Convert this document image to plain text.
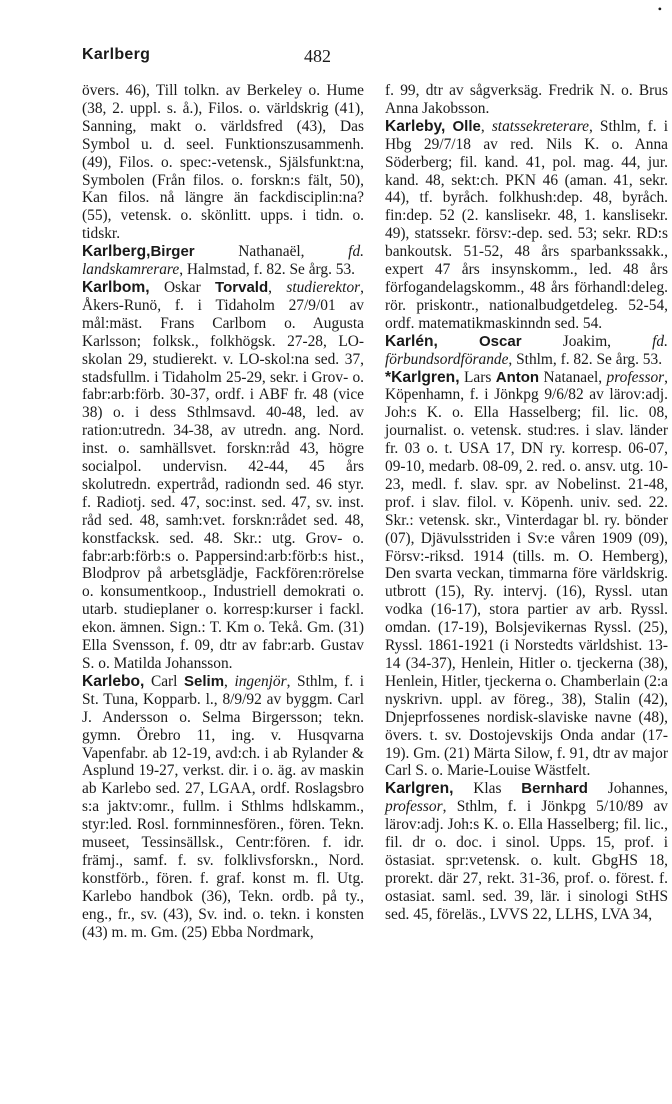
•
Karlberg	482

övers. 46), Till tolkn. av Berkeley o. Hume (38, 2. uppl. s. å.), Filos. o. världskrig (41), Sanning, makt o. världsfred (43), Das Symbol u. d. seel. Funktionszusammenh. (49), Filos. o. spec:-vetensk., Själsfunkt:na, Symbolen (Från filos. o. forskn:s fält, 50), Kan filos. nå längre än fackdisciplin:na? (55), vetensk. o. skönlitt. upps. i tidn. o. tidskr.

Karlberg,Birger Nathanaël, fd. landskamrerare, Halmstad, f. 82. Se årg. 53.

Karlbom, Oskar Torvald, studierektor, Åkers-Runö, f. i Tidaholm 27/9/01 av mål:mäst. Frans Carlbom o. Augusta Karlsson; folksk., folkhögsk. 27-28, LO-skolan 29, studierekt. v. LO-skol:na sed. 37, stadsfullm. i Tidaholm 25-29, sekr. i Grov- o. fabr:arb:förb. 30-37, ordf. i ABF fr. 48 (vice 38) o. i dess Sthlmsavd. 40-48, led. av ration:utredn. 34-38, av utredn. ang. Nord. inst. o. samhällsvet. forskn:råd 43, högre socialpol. undervisn. 42-44, 45 års skolutredn. expertråd, radiondn sed. 46 styr. f. Radiotj. sed. 47, soc:inst. sed. 47, sv. inst. råd sed. 48, samh:vet. forskn:rådet sed. 48, konstfacksk. sed. 48. Skr.: utg. Grov- o. fabr:arb:förb:s o. Pappersind:arb:förb:s hist., Blodprov på arbetsglädje, Fackfören:rörelse o. konsumentkoop., Industriell demokrati o. utarb. studieplaner o. korresp:kurser i fackl. ekon. ämnen. Sign.: T. Km o. Tekå. Gm. (31) Ella Svensson, f. 09, dtr av fabr:arb. Gustav S. o. Matilda Johansson.

Karlebo, Carl Selim, ingenjör, Sthlm, f. i St. Tuna, Kopparb. l., 8/9/92 av byggm. Carl J. Andersson o. Selma Birgersson; tekn. gymn. Örebro 11, ing. v. Husqvarna Vapenfabr. ab 12-19, avd:ch. i ab Rylander & Asplund 19-27, verkst. dir. i o. äg. av maskin ab Karlebo sed. 27, LGAA, ordf. Roslagsbro s:a jaktv:omr., fullm. i Sthlms hdlskamm., styr:led. Rosl. fornminnesfören., fören. Tekn. museet, Tessinsällsk., Centr:fören. f. idr. främj., samf. f. sv. folklivsforskn., Nord. konstförb., fören. f. graf. konst m. fl. Utg. Karlebo handbok (36), Tekn. ordb. på ty., eng., fr., sv. (43), Sv. ind. o. tekn. i konsten (43) m. m. Gm. (25) Ebba Nordmark,

f. 99, dtr av sågverksäg. Fredrik N. o. Brus Anna Jakobsson.

Karleby, Olle, statssekreterare, Sthlm, f. i Hbg 29/7/18 av red. Nils K. o. Anna Söderberg; fil. kand. 41, pol. mag. 44, jur. kand. 48, sekt:ch. PKN 46 (aman. 41, sekr. 44), tf. byråch. folkhush:dep. 48, byråch. fin:dep. 52 (2. kanslisekr. 48, 1. kanslisekr. 49), statssekr. försv:-dep. sed. 53; sekr. RD:s bankoutsk. 51-52, 48 års sparbankssakk., expert 47 års insynskomm., led. 48 års förfogandelagskomm., 48 års förhandl:deleg. rör. priskontr., nationalbudgetdeleg. 52-54, ordf. matematikmaskinndn sed. 54.

Karlén,	Oscar Joakim, fd. förbundsordförande, Sthlm, f. 82. Se årg. 53.

*Karlgren, Lars Anton Natanael, professor, Köpenhamn, f. i Jönkpg 9/6/82 av lärov:adj. Joh:s K. o. Ella Hasselberg; fil. lic. 08, journalist. o. vetensk. stud:res. i slav. länder fr. 03 o. t. USA 17, DN ry. korresp. 06-07, 09-10, medarb. 08-09, 2. red. o. ansv. utg. 10-23, medl. f. slav. spr. av Nobelinst. 21-48, prof. i slav. filol. v. Köpenh. univ. sed. 22. Skr.: vetensk. skr., Vinterdagar bl. ry. bönder (07), Djävulsstriden i Sv:e våren 1909 (09), Försv:-riksd. 1914 (tills. m. O. Hemberg), Den svarta veckan, timmarna före världskrig. utbrott (15), Ry. intervj. (16), Ryssl. utan vodka (16-17), stora partier av arb. Ryssl. omdan. (17-19), Bolsjevikernas Ryssl. (25), Ryssl. 1861-1921 (i Norstedts världshist. 13-14 (34-37), Henlein, Hitler o. tjeckerna (38), Henlein, Hitler, tjeckerna o. Chamberlain (2:a nyskrivn. uppl. av föreg., 38), Stalin (42), Dnjeprfossenes nordisk-slaviske navne (48), övers. t. sv. Dostojevskijs Onda andar (17-19). Gm. (21) Märta Silow, f. 91, dtr av major Carl S. o. Marie-Louise Wästfelt.

Karlgren, Klas Bernhard Johannes, professor, Sthlm, f. i Jönkpg 5/10/89 av lärov:adj. Joh:s K. o. Ella Hasselberg; fil. lic., fil. dr o. doc. i sinol. Upps. 15, prof. i östasiat. spr:vetensk. o. kult. GbgHS 18, prorekt. där 27, rekt. 31-36, prof. o. förest. f. ostasiat. saml. sed. 39, lär. i sinologi StHS sed. 45, föreläs., LVVS 22, LLHS, LVA 34,
